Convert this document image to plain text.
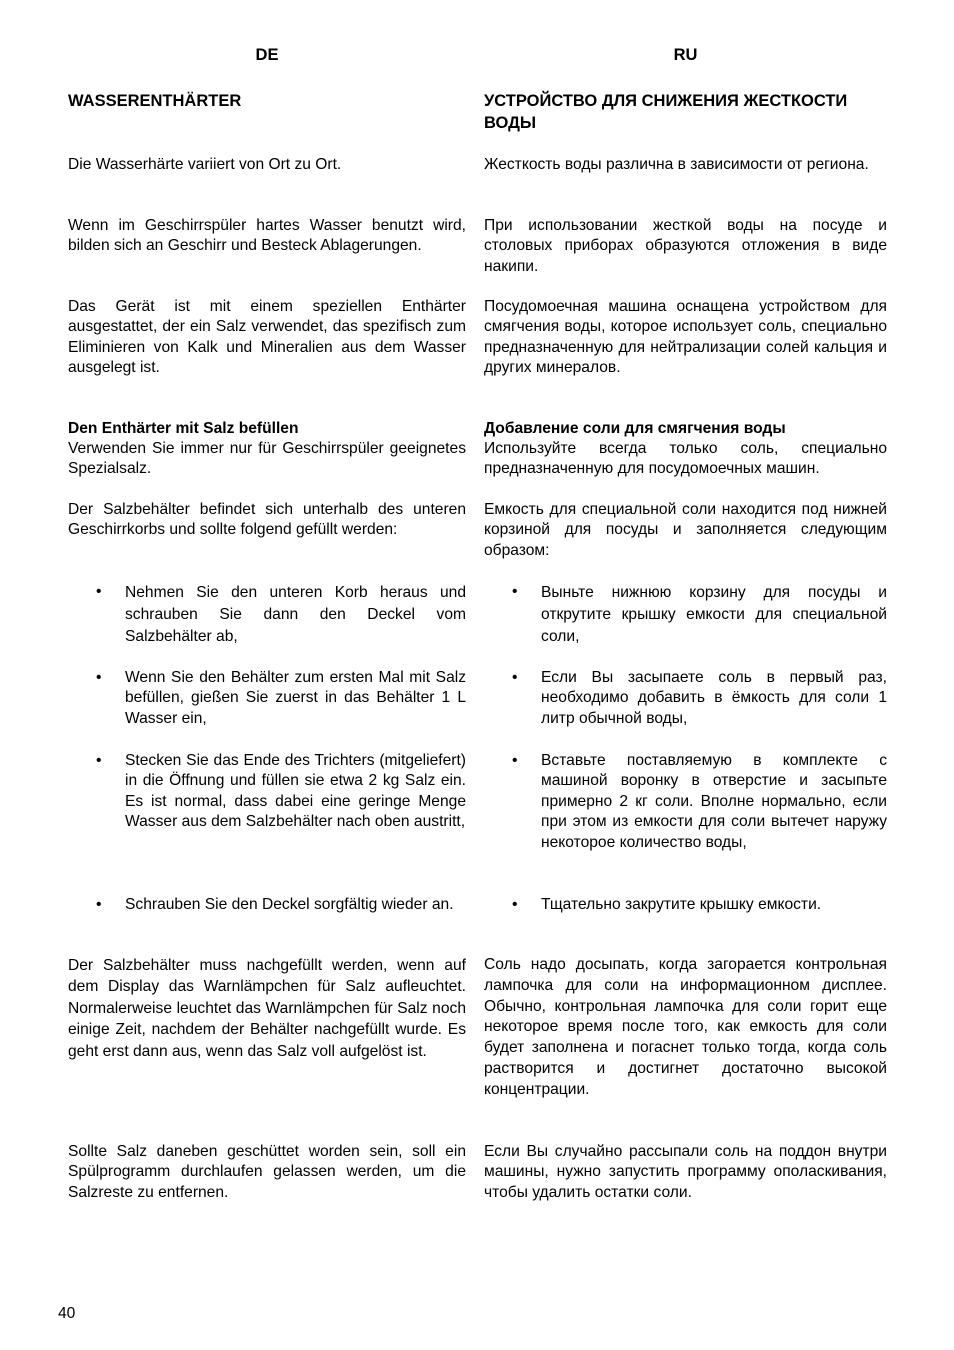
DE
WASSERENTHÄRTER

Die Wasserhärte variiert von Ort zu Ort.

Wenn im Geschirrspüler hartes Wasser benutzt wird, bilden sich an Geschirr und Besteck Ablagerungen.

Das Gerät ist mit einem speziellen Enthärter ausgestattet, der ein Salz verwendet, das spezifisch zum Eliminieren von Kalk und Mineralien aus dem Wasser ausgelegt ist.

Den Enthärter mit Salz befüllen

Verwenden Sie immer nur für Geschirrspüler geeignetes Spezialsalz.

Der Salzbehälter befindet sich unterhalb des unteren Geschirrkorbs und sollte folgend gefüllt werden:

• Nehmen Sie den unteren Korb heraus und schrauben Sie dann den Deckel vom Salzbehälter ab,
• Wenn Sie den Behälter zum ersten Mal mit Salz befüllen, gießen Sie zuerst in das Behälter 1 L Wasser ein,
• Stecken Sie das Ende des Trichters (mitgeliefert) in die Öffnung und füllen sie etwa 2 kg Salz ein. Es ist normal, dass dabei eine geringe Menge Wasser aus dem Salzbehälter nach oben austritt,
• Schrauben Sie den Deckel sorgfältig wieder an.

Der Salzbehälter muss nachgefüllt werden, wenn auf dem Display das Warnlämpchen für Salz aufleuchtet. Normalerweise leuchtet das Warnlämpchen für Salz noch einige Zeit, nachdem der Behälter nachgefüllt wurde. Es geht erst dann aus, wenn das Salz voll aufgelöst ist.

Sollte Salz daneben geschüttet worden sein, soll ein Spülprogramm durchlaufen gelassen werden, um die Salzreste zu entfernen.

RU
УСТРОЙСТВО ДЛЯ СНИЖЕНИЯ ЖЕСТКОСТИ ВОДЫ

Жесткость воды различна в зависимости от региона.

При использовании жесткой воды на посуде и столовых приборах образуются отложения в виде накипи.

Посудомоечная машина оснащена устройством для смягчения воды, которое использует соль, специально предназначенную для нейтрализации солей кальция и других минералов.

Добавление соли для смягчения воды

Используйте всегда только соль, специально предназначенную для посудомоечных машин.

Емкость для специальной соли находится под нижней корзиной для посуды и заполняется следующим образом:

• Выньте нижнюю корзину для посуды и открутите крышку емкости для специальной соли,
• Если Вы засыпаете соль в первый раз, необходимо добавить в ёмкость для соли 1 литр обычной воды,
• Вставьте поставляемую в комплекте с машиной воронку в отверстие и засыпьте примерно 2 кг соли. Вполне нормально, если при этом из емкости для соли вытечет наружу некоторое количество воды,
• Тщательно закрутите крышку емкости.

Соль надо досыпать, когда загорается контрольная лампочка для соли на информационном дисплее. Обычно, контрольная лампочка для соли горит еще некоторое время после того, как емкость для соли будет заполнена и погаснет только тогда, когда соль растворится и достигнет достаточно высокой концентрации.

Если Вы случайно рассыпали соль на поддон внутри машины, нужно запустить программу ополаскивания, чтобы удалить остатки соли.

40
